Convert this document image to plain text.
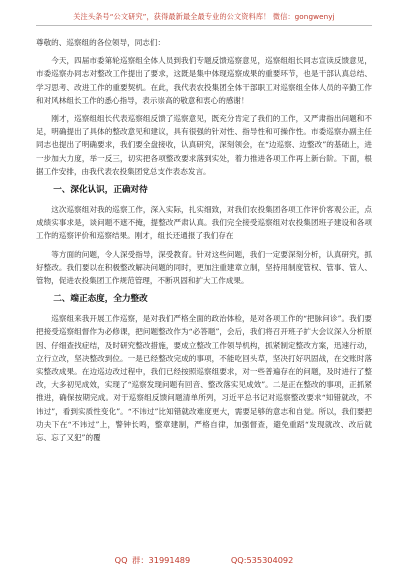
关注头条号“公文研究”，获得最新最全最专业的公文资料库！ 微信：gongwenyj

尊敬的、巡察组的各位领导，同志们：

今天，四届市委第轮巡察组全体人员到我们专题反馈巡察意见，巡察组组长同志宣读反馈意见，市委巡察办同志对整改工作提出了要求，这既是集中体现巡察成果的重要环节，也是干部认真总结、学习思考、改进工作的重要契机。在此，我代表农投集团全体干部职工对巡察组全体人员的辛勤工作和对风林组长工作的悉心指导，表示崇高的敬意和衷心的感谢！

刚才，巡察组组长代表巡察组反馈了巡察意见，既充分肯定了我们的工作，又严肃指出问题和不足，明确提出了具体的整改意见和建议，具有很强的针对性、指导性和可操作性。市委巡察办副主任同志也提出了明确要求，我们要全盘接收，认真研究，深刻领会，在“边巡察、边整改”的基础上，进一步加大力度，举一反三，切实把各项整改要求落到实处，着力推进各项工作再上新台阶。下面，根据工作安排，由我代表农投集团党总支作表态发言。

一、深化认识，正确对待

这次巡察组对我的巡察工作，深入实际，扎实细致，对我们农投集团各项工作评价客观公正，点成绩实事求是，谈问题不遮不掩，提整改严肃认真。我们完全接受巡察组对农投集团班子建设和各项工作的巡察评价和巡察结果。刚才，组长还通报了我们存在

等方面的问题，令人深受指导，深受教育。针对这些问题，我们一定要深刻分析，认真研究，抓好整改。我们要以在积极整改解决问题的同时，更加注重建章立制，坚持用制度管权、管事、管人、管物，促进农投集团工作规范管理，不断巩固和扩大工作成果。

二、端正态度，全力整改

巡察组来我开展工作巡察，是对我们严格全面的政治体检，是对各项工作的“把脉问诊”。我们要把接受巡察组督作为必修课，把问题整改作为“必答题”，会后，我们将召开班子扩大会议深入分析原因、仔细查找症结，及时研究整改措施，要成立整改工作领导机构，抓紧制定整改方案，迅速行动，立行立改，坚决整改到位。一是已经整改完成的事项，不能吃回头草，坚决打好巩固战，在交账时落实整改成果。在边巡边改过程中，我们已经按照巡察组要求，对一些普遍存在的问题，及时进行了整改，大多初见成效，实现了“巡察发现问题有回音、整改落实见成效”。二是正在整改的事项，正抓紧推进，确保按期完成。对于巡察组反馈问题清单所列，习近平总书记对巡察整改要求“知错就改，不讳过”，看到实质性变化”。“不讳过”比知错就改难度更大，需要足够的意志和自觉。所以，我们要把功夫下在“不讳过”上，警钟长鸣，整章建制，严格自律，加强督查，避免重蹈“发现就改、改后就忘、忘了又犯”的覆

QQ 群：31991489	QQ:535304092
